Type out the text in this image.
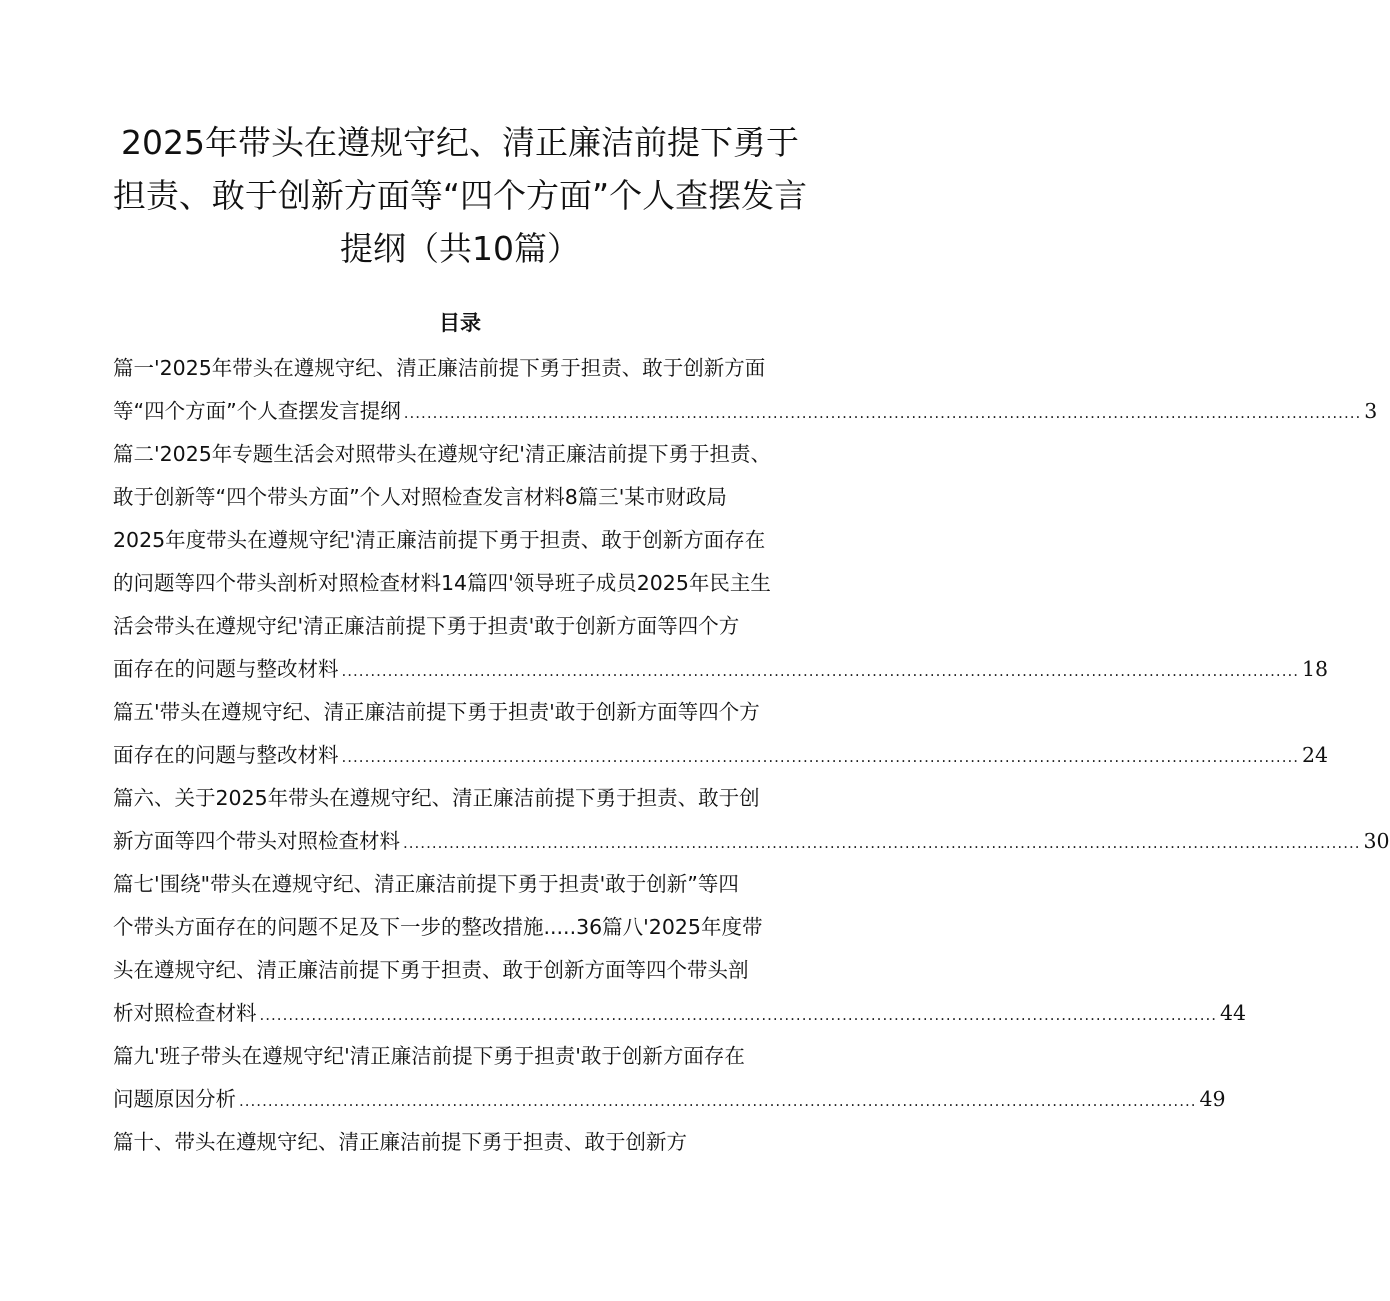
2025年带头在遵规守纪、清正廉洁前提下勇于
担责、敢于创新方面等“四个方面”个人查摆发言
提纲（共10篇）
目录
篇一'2025年带头在遵规守纪、清正廉洁前提下勇于担责、敢于创新方面
等“四个方面”个人查摆发言提纲 ...................................................................................................................................................................... 3
篇二'2025年专题生活会对照带头在遵规守纪'清正廉洁前提下勇于担责、
敢于创新等“四个带头方面”个人对照检查发言材料8篇三'某市财政局
2025年度带头在遵规守纪'清正廉洁前提下勇于担责、敢于创新方面存在
的问题等四个带头剖析对照检查材料14篇四'领导班子成员2025年民主生
活会带头在遵规守纪'清正廉洁前提下勇于担责'敢于创新方面等四个方
面存在的问题与整改材料 ...................................................................................................................................................................... 18
篇五'带头在遵规守纪、清正廉洁前提下勇于担责'敢于创新方面等四个方
面存在的问题与整改材料 ...................................................................................................................................................................... 24
篇六、关于2025年带头在遵规守纪、清正廉洁前提下勇于担责、敢于创
新方面等四个带头对照检查材料 ...................................................................................................................................................................... 30
篇七'围绕"带头在遵规守纪、清正廉洁前提下勇于担责'敢于创新”等四
个带头方面存在的问题不足及下一步的整改措施.....36篇八'2025年度带
头在遵规守纪、清正廉洁前提下勇于担责、敢于创新方面等四个带头剖
析对照检查材料 ...................................................................................................................................................................... 44
篇九'班子带头在遵规守纪'清正廉洁前提下勇于担责'敢于创新方面存在
问题原因分析 ...................................................................................................................................................................... 49
篇十、带头在遵规守纪、清正廉洁前提下勇于担责、敢于创新方
